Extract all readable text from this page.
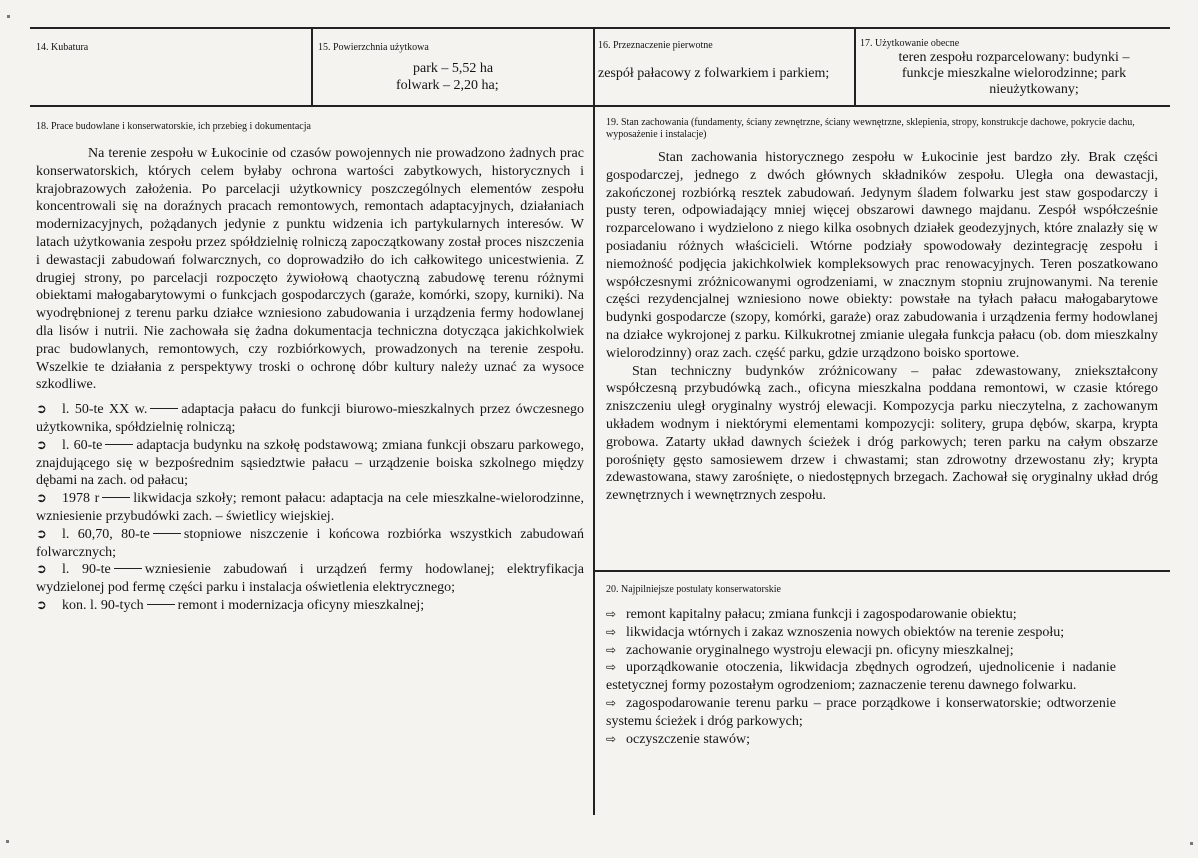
14. Kubatura	15. Powierzchnia użytkowa
park – 5,52 ha
folwark – 2,20 ha;
16. Przeznaczenie pierwotne
zespół pałacowy z folwarkiem i parkiem;
17. Użytkowanie obecne
teren zespołu rozparcelowany: budynki –
funkcje mieszkalne wielorodzinne; park
nieużytkowany;
18. Prace budowlane i konserwatorskie, ich przebieg i dokumentacja

Na terenie zespołu w Łukocinie od czasów powojennych nie prowadzono żadnych prac konserwatorskich, których celem byłaby ochrona wartości zabytkowych, historycznych i krajobrazowych założenia. Po parcelacji użytkownicy poszczególnych elementów zespołu koncentrowali się na doraźnych pracach remontowych, remontach adaptacyjnych, działaniach modernizacyjnych, pożądanych jedynie z punktu widzenia ich partykularnych interesów. W latach użytkowania zespołu przez spółdzielnię rolniczą zapoczątkowany został proces niszczenia i dewastacji zabudowań folwarcznych, co doprowadziło do ich całkowitego unicestwienia. Z drugiej strony, po parcelacji rozpoczęto żywiołową chaotyczną zabudowę terenu różnymi obiektami małogabarytowymi o funkcjach gospodarczych (garaże, komórki, szopy, kurniki). Na wyodrębnionej z terenu parku działce wzniesiono zabudowania i urządzenia fermy hodowlanej dla lisów i nutrii. Nie zachowała się żadna dokumentacja techniczna dotycząca jakichkolwiek prac budowlanych, remontowych, czy rozbiórkowych, prowadzonych na terenie zespołu. Wszelkie te działania z perspektywy troski o ochronę dóbr kultury należy uznać za wysoce szkodliwe.

➲ l. 50-te XX w. adaptacja pałacu do funkcji biurowo-mieszkalnych przez ówczesnego użytkownika, spółdzielnię rolniczą;
➲ l. 60-te adaptacja budynku na szkołę podstawową; zmiana funkcji obszaru parkowego, znajdującego się w bezpośrednim sąsiedztwie pałacu – urządzenie boiska szkolnego między dębami na zach. od pałacu;
➲ 1978 r likwidacja szkoły; remont pałacu: adaptacja na cele mieszkalne-wielorodzinne, wzniesienie przybudówki zach. – świetlicy wiejskiej.
➲ l. 60,70, 80-te stopniowe niszczenie i końcowa rozbiórka wszystkich zabudowań folwarcznych;
➲ l. 90-te wzniesienie zabudowań i urządzeń fermy hodowlanej; elektryfikacja wydzielonej pod fermę części parku i instalacja oświetlenia elektrycznego;
➲ kon. l. 90-tych remont i modernizacja oficyny mieszkalnej;
19. Stan zachowania (fundamenty, ściany zewnętrzne, ściany wewnętrzne, sklepienia, stropy, konstrukcje dachowe, pokrycie dachu, wyposażenie i instalacje)

Stan zachowania historycznego zespołu w Łukocinie jest bardzo zły. Brak części gospodarczej, jednego z dwóch głównych składników zespołu. Uległa ona dewastacji, zakończonej rozbiórką resztek zabudowań. Jedynym śladem folwarku jest staw gospodarczy i pusty teren, odpowiadający mniej więcej obszarowi dawnego majdanu. Zespół współcześnie rozparcelowano i wydzielono z niego kilka osobnych działek geodezyjnych, które znalazły się w posiadaniu różnych właścicieli. Wtórne podziały spowodowały dezintegrację zespołu i niemożność podjęcia jakichkolwiek kompleksowych prac renowacyjnych. Teren poszatkowano współczesnymi zróżnicowanymi ogrodzeniami, w znacznym stopniu zrujnowanymi. Na terenie części rezydencjalnej wzniesiono nowe obiekty: powstałe na tyłach pałacu małogabarytowe budynki gospodarcze (szopy, komórki, garaże) oraz zabudowania i urządzenia fermy hodowlanej na działce wykrojonej z parku. Kilkukrotnej zmianie ulegała funkcja pałacu (ob. dom mieszkalny wielorodzinny) oraz zach. część parku, gdzie urządzono boisko sportowe.

Stan techniczny budynków zróżnicowany – pałac zdewastowany, zniekształcony współczesną przybudówką zach., oficyna mieszkalna poddana remontowi, w czasie którego zniszczeniu uległ oryginalny wystrój elewacji. Kompozycja parku nieczytelna, z zachowanym układem wodnym i niektórymi elementami kompozycji: solitery, grupa dębów, skarpa, krypta grobowa. Zatarty układ dawnych ścieżek i dróg parkowych; teren parku na całym obszarze porośnięty gęsto samosiewem drzew i chwastami; stan zdrowotny drzewostanu zły; krypta zdewastowana, stawy zarośnięte, o niedostępnych brzegach. Zachował się oryginalny układ dróg zewnętrznych i wewnętrznych zespołu.

20. Najpilniejsze postulaty konserwatorskie
⇨ remont kapitalny pałacu; zmiana funkcji i zagospodarowanie obiektu;
⇨ likwidacja wtórnych i zakaz wznoszenia nowych obiektów na terenie zespołu;
⇨ zachowanie oryginalnego wystroju elewacji pn. oficyny mieszkalnej;
⇨ uporządkowanie otoczenia, likwidacja zbędnych ogrodzeń, ujednolicenie i nadanie estetycznej formy pozostałym ogrodzeniom; zaznaczenie terenu dawnego folwarku.
⇨ zagospodarowanie terenu parku – prace porządkowe i konserwatorskie; odtworzenie systemu ścieżek i dróg parkowych;
⇨ oczyszczenie stawów;
